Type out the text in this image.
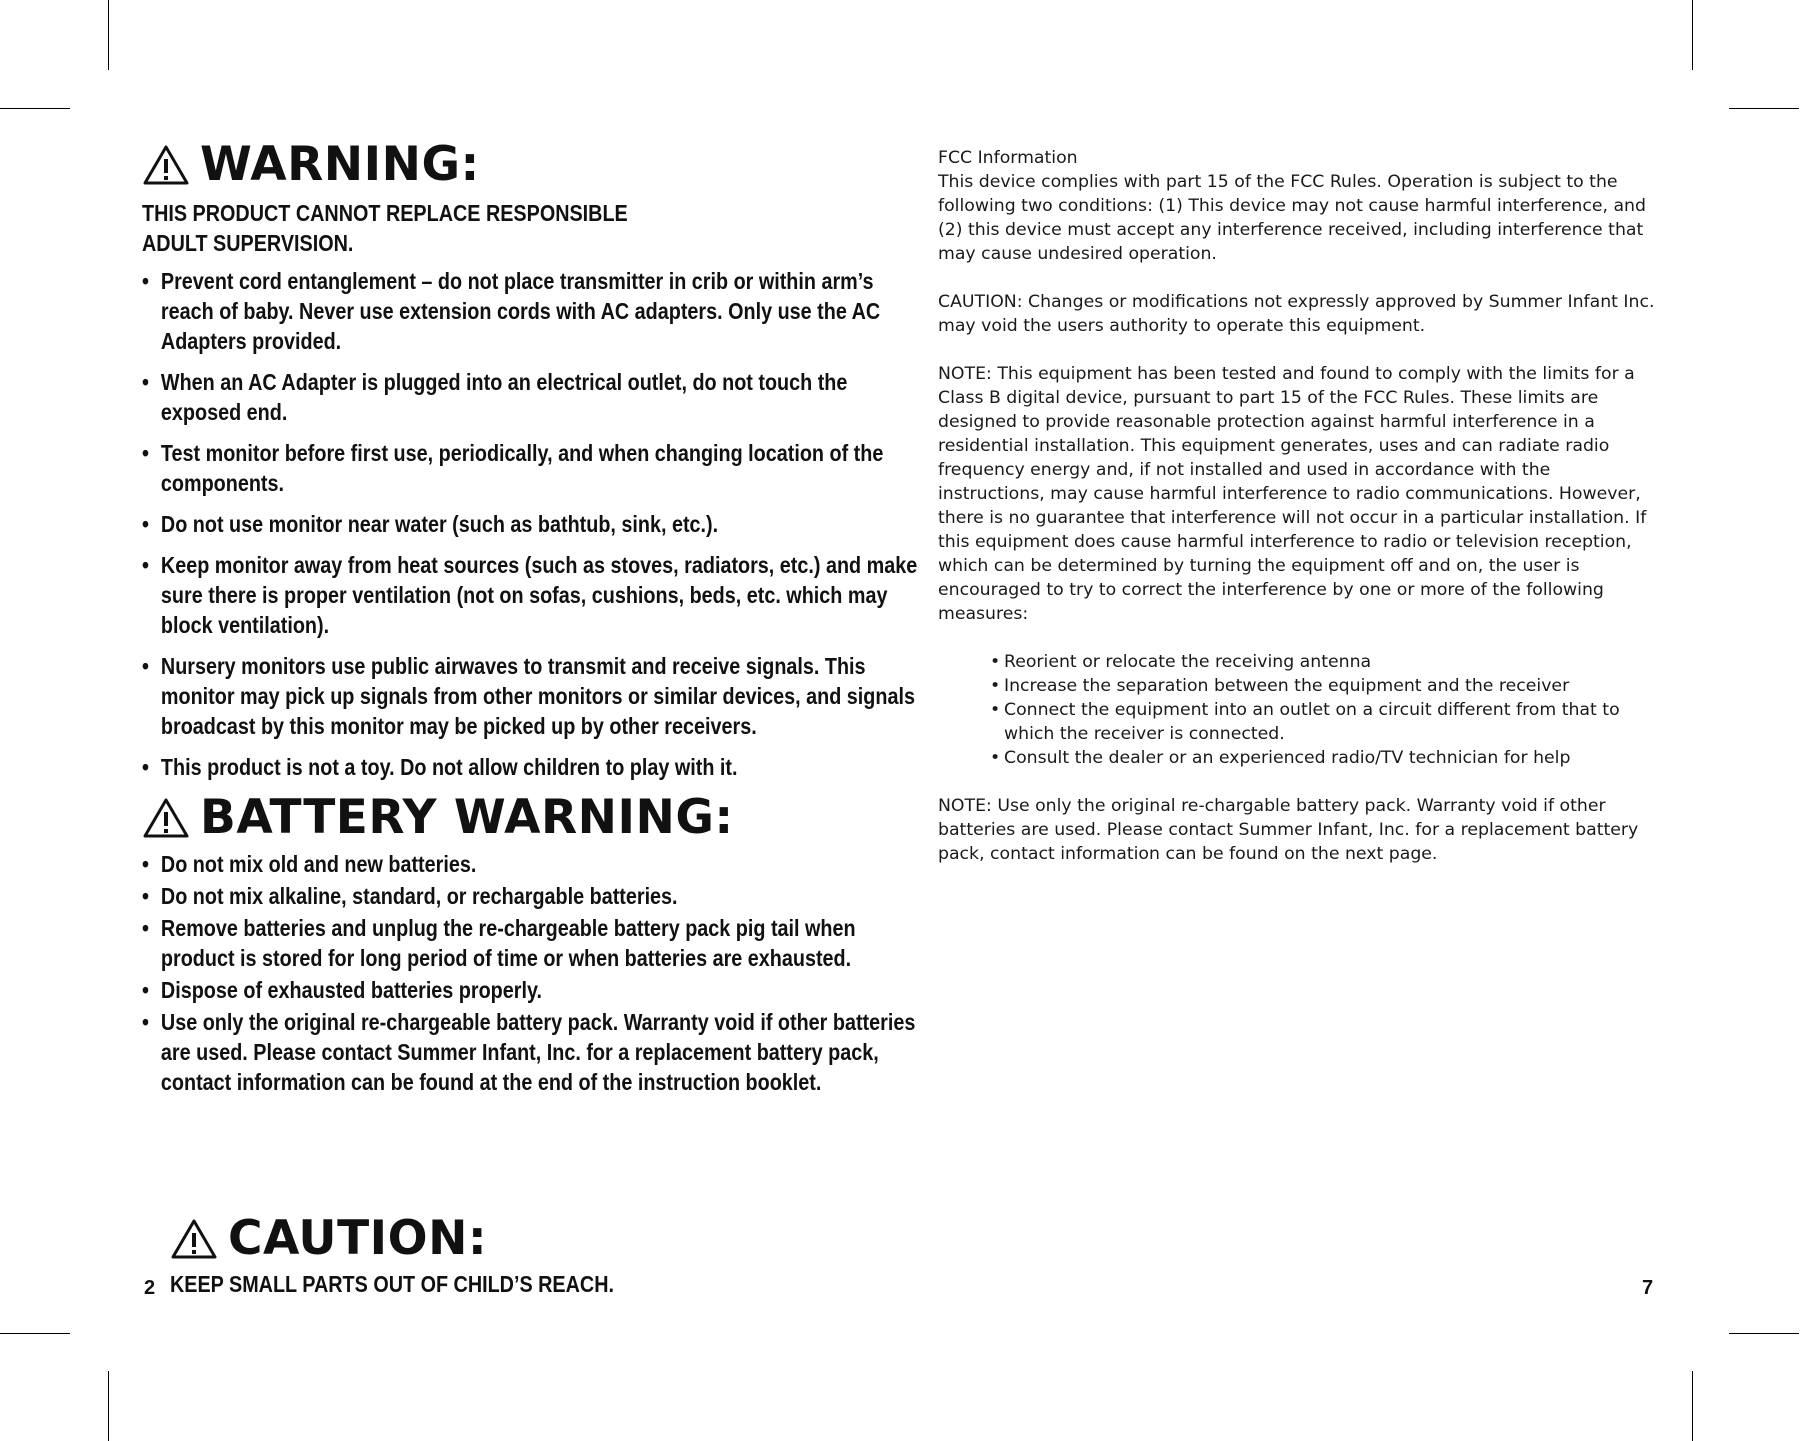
WARNING:
THIS PRODUCT CANNOT REPLACE RESPONSIBLE
ADULT SUPERVISION.
• Prevent cord entanglement – do not place transmitter in crib or within arm’s reach of baby. Never use extension cords with AC adapters. Only use the AC Adapters provided.
• When an AC Adapter is plugged into an electrical outlet, do not touch the exposed end.
• Test monitor before first use, periodically, and when changing location of the components.
• Do not use monitor near water (such as bathtub, sink, etc.).
• Keep monitor away from heat sources (such as stoves, radiators, etc.) and make sure there is proper ventilation (not on sofas, cushions, beds, etc. which may block ventilation).
• Nursery monitors use public airwaves to transmit and receive signals. This monitor may pick up signals from other monitors or similar devices, and signals broadcast by this monitor may be picked up by other receivers.
• This product is not a toy. Do not allow children to play with it.
BATTERY WARNING:
• Do not mix old and new batteries.
• Do not mix alkaline, standard, or rechargable batteries.
• Remove batteries and unplug the re-chargeable battery pack pig tail when product is stored for long period of time or when batteries are exhausted.
• Dispose of exhausted batteries properly.
• Use only the original re-chargeable battery pack. Warranty void if other batteries are used. Please contact Summer Infant, Inc. for a replacement battery pack, contact information can be found at the end of the instruction booklet.
CAUTION:
2 KEEP SMALL PARTS OUT OF CHILD’S REACH.

FCC Information
This device complies with part 15 of the FCC Rules. Operation is subject to the following two conditions: (1) This device may not cause harmful interference, and (2) this device must accept any interference received, including interference that may cause undesired operation.

CAUTION: Changes or modifications not expressly approved by Summer Infant Inc. may void the users authority to operate this equipment.

NOTE: This equipment has been tested and found to comply with the limits for a Class B digital device, pursuant to part 15 of the FCC Rules. These limits are designed to provide reasonable protection against harmful interference in a residential installation. This equipment generates, uses and can radiate radio frequency energy and, if not installed and used in accordance with the instructions, may cause harmful interference to radio communications. However, there is no guarantee that interference will not occur in a particular installation. If this equipment does cause harmful interference to radio or television reception, which can be determined by turning the equipment off and on, the user is encouraged to try to correct the interference by one or more of the following measures:

• Reorient or relocate the receiving antenna
• Increase the separation between the equipment and the receiver
• Connect the equipment into an outlet on a circuit different from that to which the receiver is connected.
• Consult the dealer or an experienced radio/TV technician for help

NOTE: Use only the original re-chargable battery pack. Warranty void if other batteries are used. Please contact Summer Infant, Inc. for a replacement battery pack, contact information can be found on the next page.

7
